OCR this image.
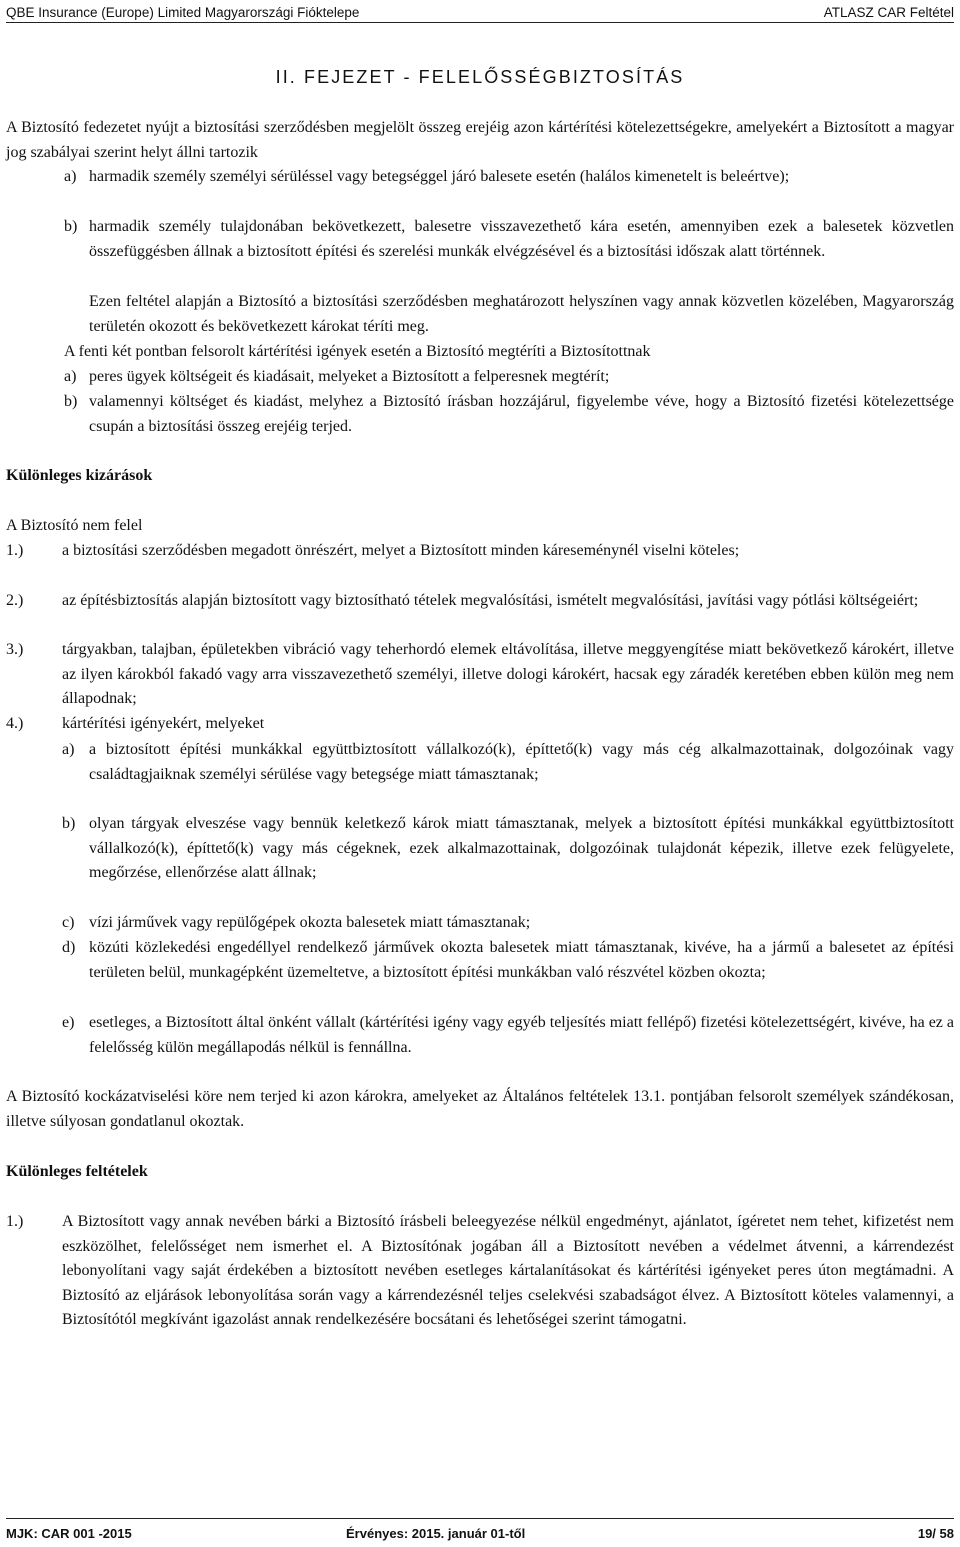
QBE Insurance (Europe) Limited Magyarországi Fióktelepe	ATLASZ CAR Feltétel
II. FEJEZET - FELELŐSSÉGBIZTOSÍTÁS

A Biztosító fedezetet nyújt a biztosítási szerződésben megjelölt összeg erejéig azon kártérítési kötelezettségekre, amelyekért a Biztosított a magyar jog szabályai szerint helyt állni tartozik

a) harmadik személy személyi sérüléssel vagy betegséggel járó balesete esetén (halálos kimenetelt is beleértve);

b) harmadik személy tulajdonában bekövetkezett, balesetre visszavezethető kára esetén, amennyiben ezek a balesetek közvetlen összefüggésben állnak a biztosított építési és szerelési munkák elvégzésével és a biztosítási időszak alatt történnek.

Ezen feltétel alapján a Biztosító a biztosítási szerződésben meghatározott helyszínen vagy annak közvetlen közelében, Magyarország területén okozott és bekövetkezett károkat téríti meg.

A fenti két pontban felsorolt kártérítési igények esetén a Biztosító megtéríti a Biztosítottnak

a) peres ügyek költségeit és kiadásait, melyeket a Biztosított a felperesnek megtérít;

b) valamennyi költséget és kiadást, melyhez a Biztosító írásban hozzájárul, figyelembe véve, hogy a Biztosító fizetési kötelezettsége csupán a biztosítási összeg erejéig terjed.

Különleges kizárások
A Biztosító nem felel
1.) a biztosítási szerződésben megadott önrészért, melyet a Biztosított minden káreseménynél viselni köteles;

2.) az építésbiztosítás alapján biztosított vagy biztosítható tételek megvalósítási, ismételt megvalósítási, javítási vagy pótlási költségeiért;

3.) tárgyakban, talajban, épületekben vibráció vagy teherhordó elemek eltávolítása, illetve meggyengítése miatt bekövetkező károkért, illetve az ilyen károkból fakadó vagy arra visszavezethető személyi, illetve dologi károkért, hacsak egy záradék keretében ebben külön meg nem állapodnak;

4.) kártérítési igényekért, melyeket

a) a biztosított építési munkákkal együttbiztosított vállalkozó(k), építtető(k) vagy más cég alkalmazottainak, dolgozóinak vagy családtagjaiknak személyi sérülése vagy betegsége miatt támasztanak;

b) olyan tárgyak elveszése vagy bennük keletkező károk miatt támasztanak, melyek a biztosított építési munkákkal együttbiztosított vállalkozó(k), építtető(k) vagy más cégeknek, ezek alkalmazottainak, dolgozóinak tulajdonát képezik, illetve ezek felügyelete, megőrzése, ellenőrzése alatt állnak;

c) vízi járművek vagy repülőgépek okozta balesetek miatt támasztanak;

d) közúti közlekedési engedéllyel rendelkező járművek okozta balesetek miatt támasztanak, kivéve, ha a jármű a balesetet az építési területen belül, munkagépként üzemeltetve, a biztosított építési munkákban való részvétel közben okozta;

e) esetleges, a Biztosított által önként vállalt (kártérítési igény vagy egyéb teljesítés miatt fellépő) fizetési kötelezettségért, kivéve, ha ez a felelősség külön megállapodás nélkül is fennállna.

A Biztosító kockázatviselési köre nem terjed ki azon károkra, amelyeket az Általános feltételek 13.1. pontjában felsorolt személyek szándékosan, illetve súlyosan gondatlanul okoztak.

Különleges feltételek
1.) A Biztosított vagy annak nevében bárki a Biztosító írásbeli beleegyezése nélkül engedményt, ajánlatot, ígéretet nem tehet, kifizetést nem eszközölhet, felelősséget nem ismerhet el. A Biztosítónak jogában áll a Biztosított nevében a védelmet átvenni, a kárrendezést lebonyolítani vagy saját érdekében a biztosított nevében esetleges kártalanításokat és kártérítési igényeket peres úton megtámadni. A Biztosító az eljárások lebonyolítása során vagy a kárrendezésnél teljes cselekvési szabadságot élvez. A Biztosított köteles valamennyi, a Biztosítótól megkívánt igazolást annak rendelkezésére bocsátani és lehetőségei szerint támogatni.

MJK: CAR 001 -2015	Érvényes: 2015. január 01-től	19/ 58
